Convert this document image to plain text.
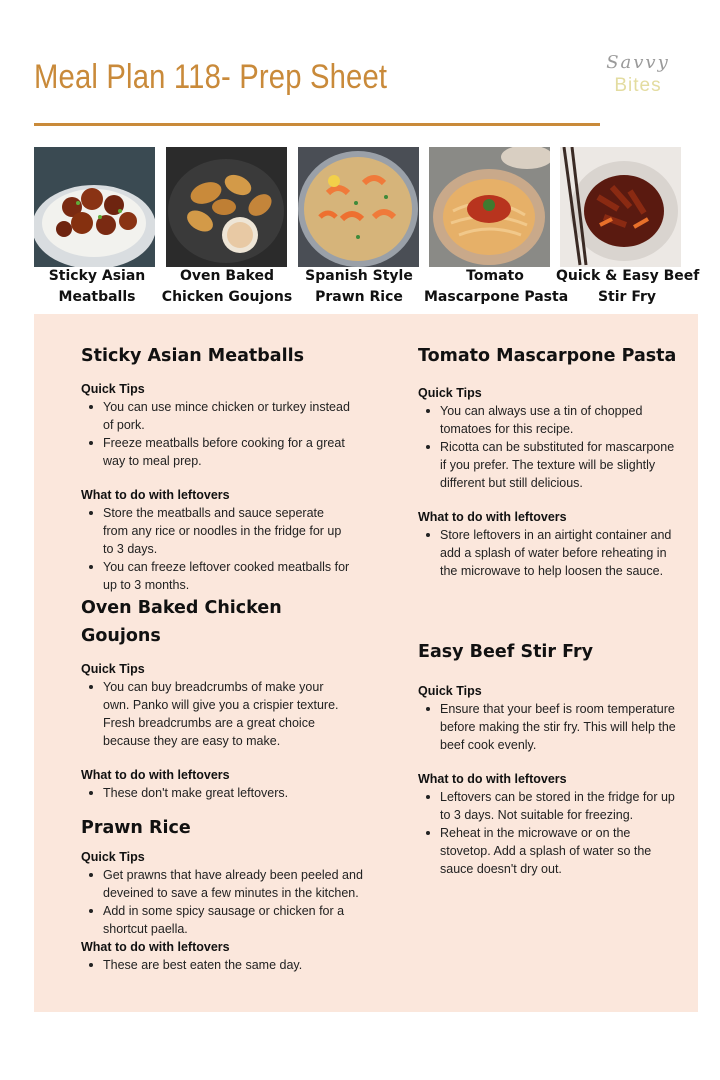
Meal Plan 118- Prep Sheet	Savvy
Bites
Sticky Asian
Meatballs
Oven Baked
Chicken Goujons
Spanish Style
Prawn Rice
Tomato
Mascarpone Pasta
Quick & Easy Beef
Stir Fry
Sticky Asian Meatballs
Quick Tips
You can use mince chicken or turkey instead of pork.
Freeze meatballs before cooking for a great way to meal prep.
What to do with leftovers
Store the meatballs and sauce seperate from any rice or noodles in the fridge for up to 3 days.
You can freeze leftover cooked meatballs for up to 3 months.
Oven Baked Chicken
Goujons
Quick Tips
You can buy breadcrumbs of make your own. Panko will give you a crispier texture. Fresh breadcrumbs are a great choice because they are easy to make.
What to do with leftovers
These don't make great leftovers.
Prawn Rice
Quick Tips
Get prawns that have already been peeled and deveined to save a few minutes in the kitchen.
Add in some spicy sausage or chicken for a shortcut paella.
What to do with leftovers
These are best eaten the same day.
Tomato Mascarpone Pasta
Quick Tips
You can always use a tin of chopped tomatoes for this recipe.
Ricotta can be substituted for mascarpone if you prefer. The texture will be slightly different but still delicious.
What to do with leftovers
Store leftovers in an airtight container and add a splash of water before reheating in the microwave to help loosen the sauce.
Easy Beef Stir Fry
Quick Tips
Ensure that your beef is room temperature before making the stir fry. This will help the beef cook evenly.
What to do with leftovers
Leftovers can be stored in the fridge for up to 3 days. Not suitable for freezing.
Reheat in the microwave or on the stovetop. Add a splash of water so the sauce doesn't dry out.
